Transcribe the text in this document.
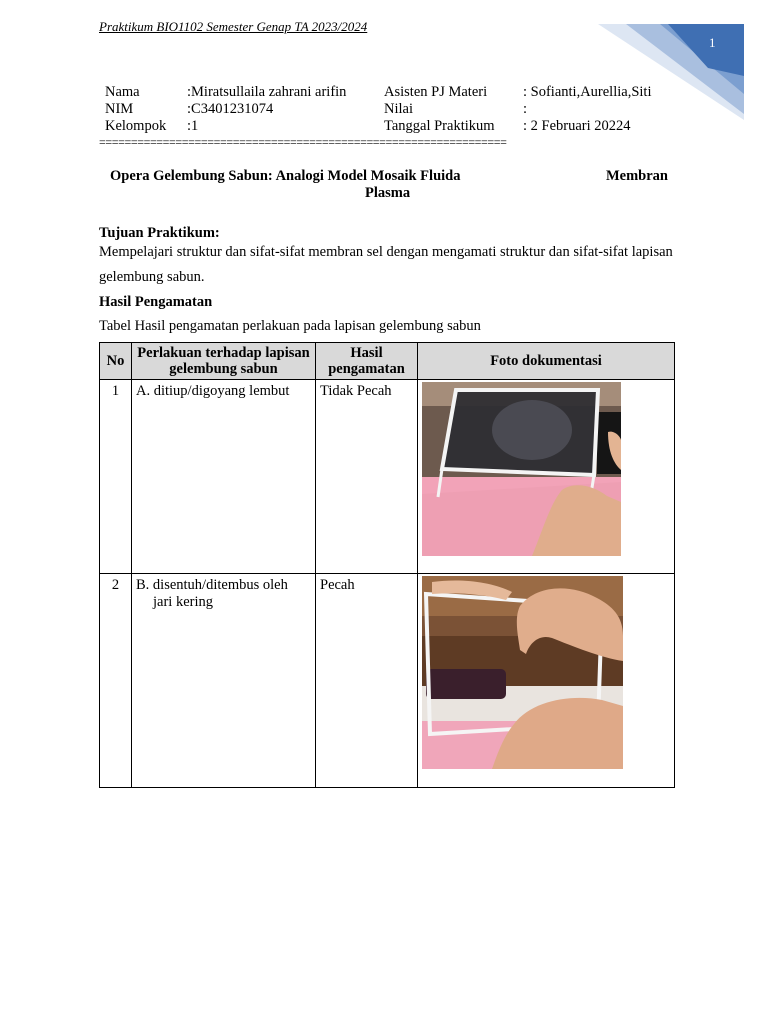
Praktikum BIO1102 Semester Genap TA 2023/2024
1
Nama	:Miratsullaila zahrani arifin	Asisten PJ Materi	: Sofianti,Aurellia,Siti
NIM	:C3401231074	Nilai	:
Kelompok	:1	Tanggal Praktikum	: 2 Februari 20224
================================================================
Opera Gelembung Sabun: Analogi Model Mosaik Fluida	Membran
Plasma
Tujuan Praktikum:
Mempelajari struktur dan sifat-sifat membran sel dengan mengamati struktur dan sifat-sifat lapisan gelembung sabun.
Hasil Pengamatan
Tabel Hasil pengamatan perlakuan pada lapisan gelembung sabun
No	Perlakuan terhadap lapisan gelembung sabun	Hasil pengamatan	Foto dokumentasi
1	A. ditiup/digoyang lembut	Tidak Pecah	

2	B. disentuh/ditembus oleh
jari kering	Pecah	
